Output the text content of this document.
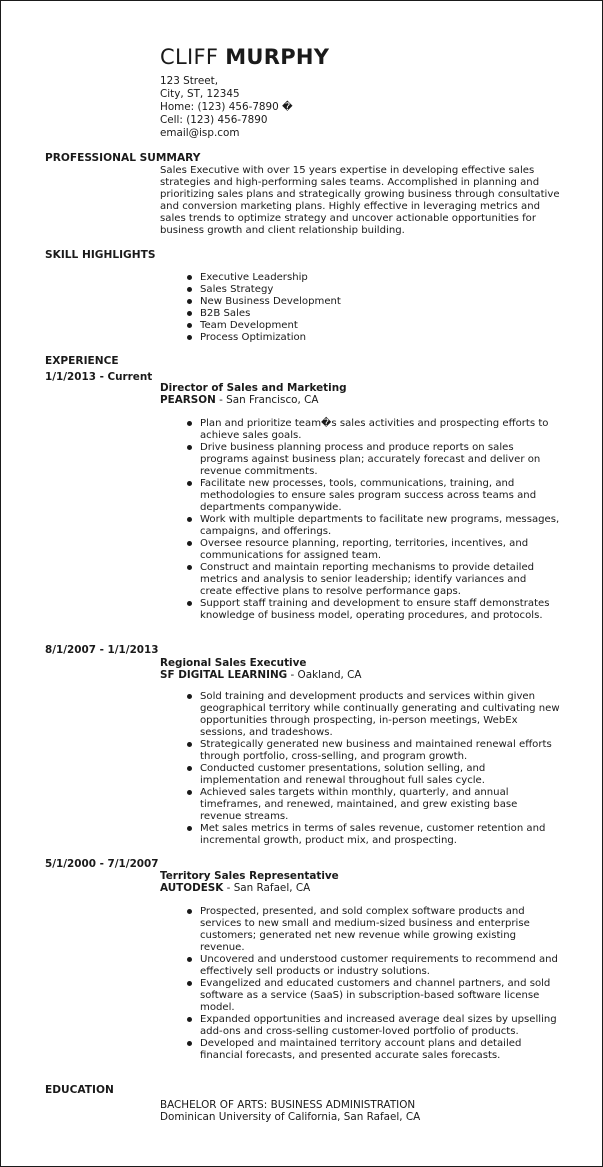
CLIFF MURPHY
123 Street,
City, ST, 12345
Home: (123) 456-7890 �
Cell: (123) 456-7890
email@isp.com
PROFESSIONAL SUMMARY

Sales Executive with over 15 years expertise in developing effective sales strategies and high-performing sales teams. Accomplished in planning and prioritizing sales plans and strategically growing business through consultative and conversion marketing plans. Highly effective in leveraging metrics and sales trends to optimize strategy and uncover actionable opportunities for business growth and client relationship building.

SKILL HIGHLIGHTS
Executive Leadership
Sales Strategy
New Business Development
B2B Sales
Team Development
Process Optimization
EXPERIENCE
1/1/2013 - Current
Director of Sales and Marketing
PEARSON - San Francisco, CA
Plan and prioritize team�s sales activities and prospecting efforts to achieve sales goals.
Drive business planning process and produce reports on sales programs against business plan; accurately forecast and deliver on revenue commitments.
Facilitate new processes, tools, communications, training, and methodologies to ensure sales program success across teams and departments companywide.
Work with multiple departments to facilitate new programs, messages, campaigns, and offerings.
Oversee resource planning, reporting, territories, incentives, and communications for assigned team.
Construct and maintain reporting mechanisms to provide detailed metrics and analysis to senior leadership; identify variances and create effective plans to resolve performance gaps.
Support staff training and development to ensure staff demonstrates knowledge of business model, operating procedures, and protocols.
8/1/2007 - 1/1/2013
Regional Sales Executive
SF DIGITAL LEARNING - Oakland, CA
Sold training and development products and services within given geographical territory while continually generating and cultivating new opportunities through prospecting, in-person meetings, WebEx sessions, and tradeshows.
Strategically generated new business and maintained renewal efforts through portfolio, cross-selling, and program growth.
Conducted customer presentations, solution selling, and implementation and renewal throughout full sales cycle.
Achieved sales targets within monthly, quarterly, and annual timeframes, and renewed, maintained, and grew existing base revenue streams.
Met sales metrics in terms of sales revenue, customer retention and incremental growth, product mix, and prospecting.
5/1/2000 - 7/1/2007
Territory Sales Representative
AUTODESK - San Rafael, CA
Prospected, presented, and sold complex software products and services to new small and medium-sized business and enterprise customers; generated net new revenue while growing existing revenue.
Uncovered and understood customer requirements to recommend and effectively sell products or industry solutions.
Evangelized and educated customers and channel partners, and sold software as a service (SaaS) in subscription-based software license model.
Expanded opportunities and increased average deal sizes by upselling add-ons and cross-selling customer-loved portfolio of products.
Developed and maintained territory account plans and detailed financial forecasts, and presented accurate sales forecasts.
EDUCATION
BACHELOR OF ARTS: BUSINESS ADMINISTRATION
Dominican University of California, San Rafael, CA
